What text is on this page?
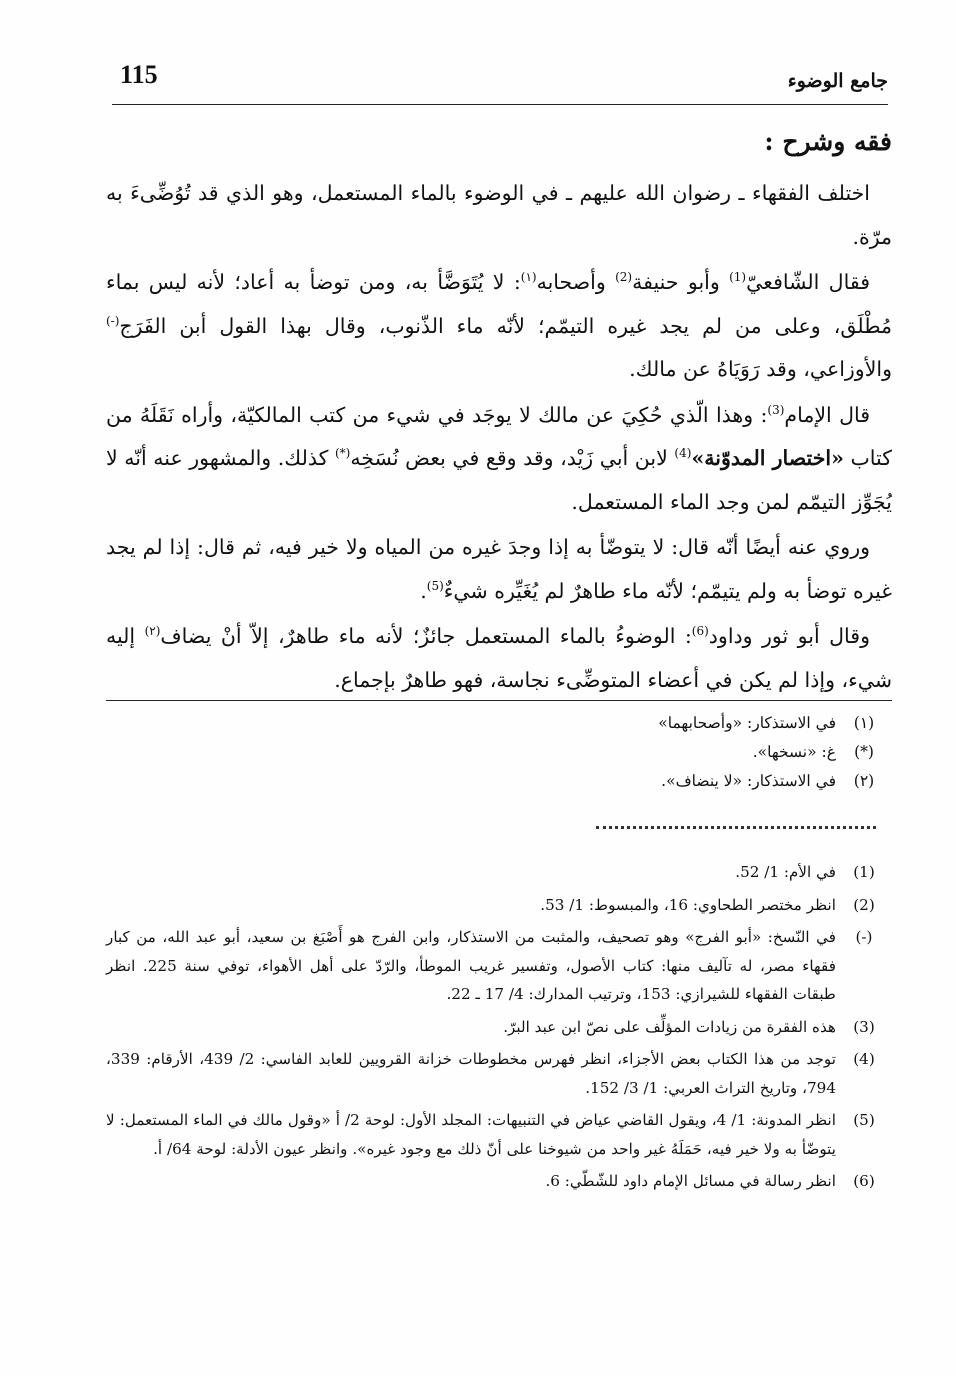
115	جامع الوضوء
فقه وشرح :

اختلف الفقهاء ـ رضوان الله عليهم ـ في الوضوء بالماء المستعمل، وهو الذي قد تُوُضِّىءَ به مرّة.

فقال الشّافعيّ$^{(1)}$ وأبو حنيفة$^{(2)}$ وأصحابه$^{(١)}$: لا يُتَوَضَّأ به، ومن توضأ به أعاد؛ لأنه ليس بماء مُطْلَق، وعلى من لم يجد غيره التيمّم؛ لأنّه ماء الذّنوب، وقال بهذا القول أبن الفَرَج(-) والأوزاعي، وقد رَوَيَاهُ عن مالك.

قال الإمام$^{(3)}$: وهذا الّذي حُكِيَ عن مالك لا يوجَد في شيء من كتب المالكيّة، وأراه نَقَلَهُ من كتاب «اختصار المدوّنة»$^{(4)}$ لابن أبي زَيْد، وقد وقع في بعض نُسَخِه(*) كذلك. والمشهور عنه أنّه لا يُجَوِّز التيمّم لمن وجد الماء المستعمل.

وروي عنه أيضًا أنّه قال: لا يتوضّأ به إذا وجدَ غيره من المياه ولا خير فيه، ثم قال: إذا لم يجد غيره توضأ به ولم يتيمّم؛ لأنّه ماء طاهرٌ لم يُغَيِّره شيءٌ$^{(5)}$.

وقال أبو ثور وداود$^{(6)}$: الوضوءُ بالماء المستعمل جائزٌ؛ لأنه ماء طاهرٌ، إلاّ أنْ يضاف$^{(٢)}$ إليه شيء، وإذا لم يكن في أعضاء المتوضِّىء نجاسة، فهو طاهرٌ بإجماع.

(١)
في الاستذكار: «وأصحابهما»
(*)
غ: «نسخها».
(٢)
في الاستذكار: «لا ينضاف».
(1)
في الأم: 1/ 52.
(2)
انظر مختصر الطحاوي: 16، والمبسوط: 1/ 53.
(-)
في النّسخ: «أبو الفرج» وهو تصحيف، والمثبت من الاستذكار، وابن الفرج هو أَصْبَغ بن سعيد، أبو عبد الله، من كبار فقهاء مصر، له تآليف منها: كتاب الأصول، وتفسير غريب الموطأ، والرّدّ على أهل الأهواء، توفي سنة 225. انظر طبقات الفقهاء للشيرازي: 153، وترتيب المدارك: 4/ 17 ـ 22.
(3)
هذه الفقرة من زيادات المؤلِّف على نصّ ابن عبد البرّ.
(4)
توجد من هذا الكتاب بعض الأجزاء، انظر فهرس مخطوطات خزانة القرويين للعابد الفاسي: 2/ 439، الأرقام: 339، 794، وتاريخ التراث العربي: 1/ 3/ 152.
(5)
انظر المدونة: 1/ 4، ويقول القاضي عياض في التنبيهات: المجلد الأول: لوحة 2/ أ «وقول مالك في الماء المستعمل: لا يتوضّأ به ولا خير فيه، حَمَلَهُ غير واحد من شيوخنا على أنّ ذلك مع وجود غيره». وانظر عيون الأدلة: لوحة 64/ أ.
(6)
انظر رسالة في مسائل الإمام داود للشّطّي: 6.
